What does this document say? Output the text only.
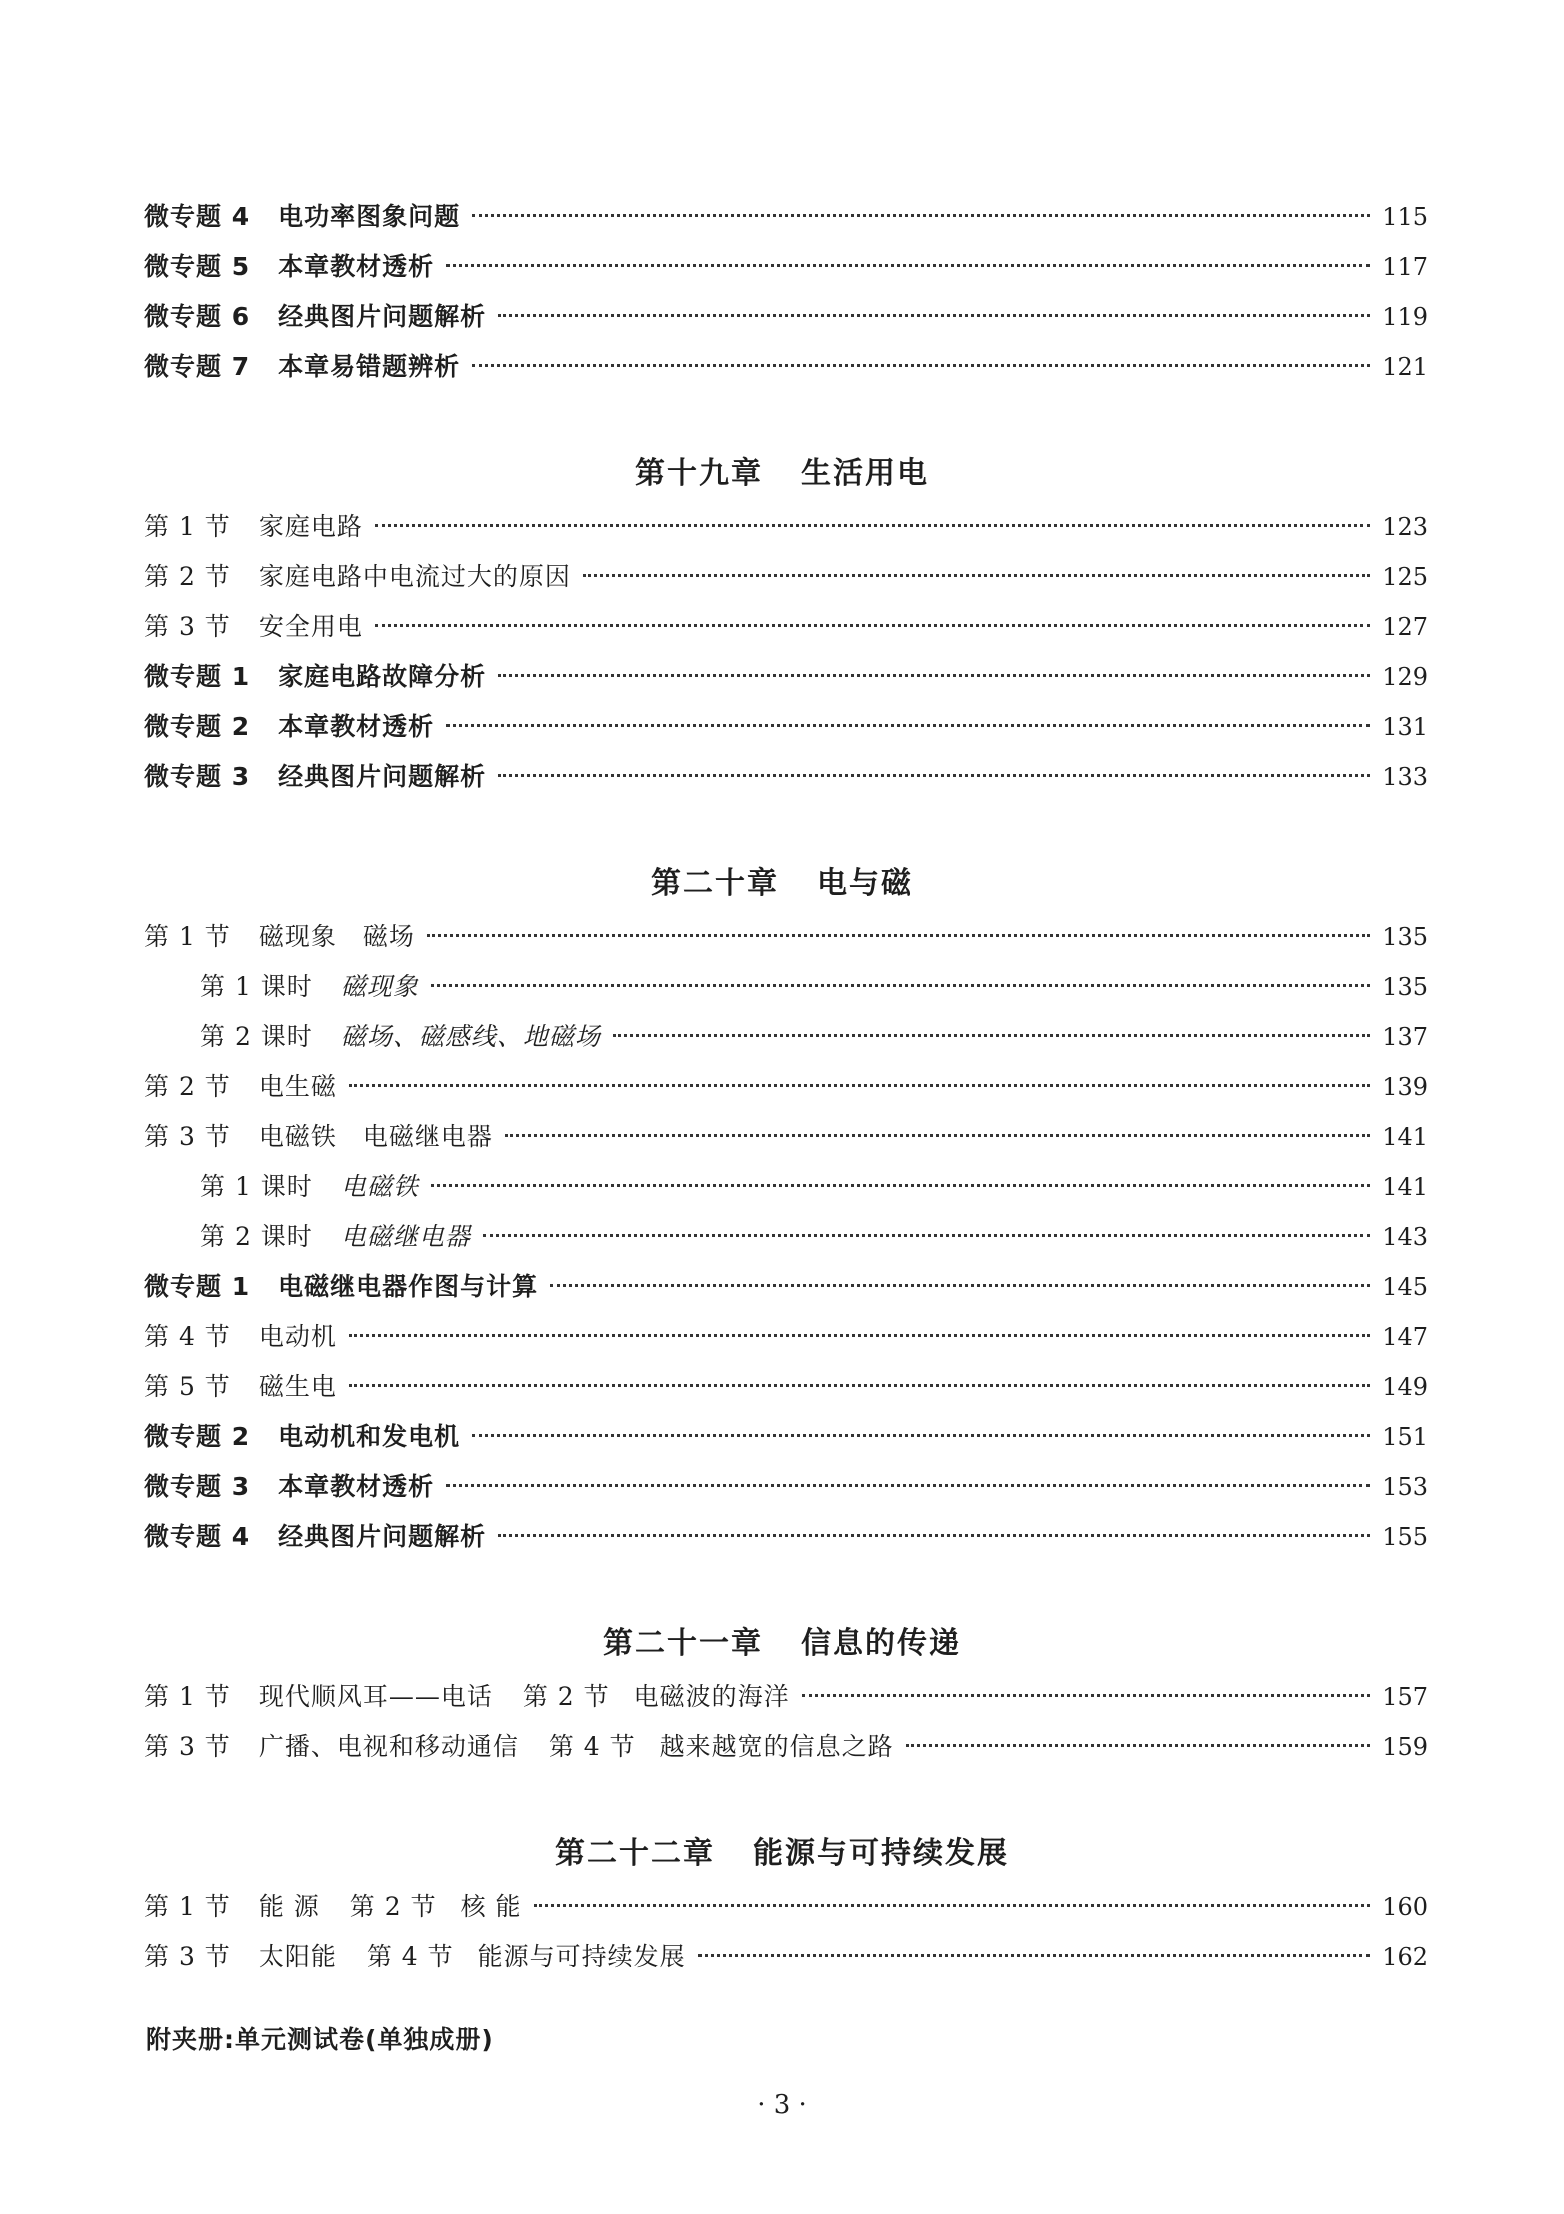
微专题 4 电功率图象问题	115
微专题 5 本章教材透析	117
微专题 6 经典图片问题解析	119
微专题 7 本章易错题辨析	121
第十九章 生活用电
第 1 节 家庭电路	123
第 2 节 家庭电路中电流过大的原因	125
第 3 节 安全用电	127
微专题 1 家庭电路故障分析	129
微专题 2 本章教材透析	131
微专题 3 经典图片问题解析	133
第二十章 电与磁
第 1 节 磁现象　磁场	135
第 1 课时 磁现象	135
第 2 课时 磁场、磁感线、地磁场	137
第 2 节 电生磁	139
第 3 节 电磁铁　电磁继电器	141
第 1 课时 电磁铁	141
第 2 课时 电磁继电器	143
微专题 1 电磁继电器作图与计算	145
第 4 节 电动机	147
第 5 节 磁生电	149
微专题 2 电动机和发电机	151
微专题 3 本章教材透析	153
微专题 4 经典图片问题解析	155
第二十一章 信息的传递
第 1 节 现代顺风耳——电话 第 2 节 电磁波的海洋	157
第 3 节 广播、电视和移动通信 第 4 节 越来越宽的信息之路	159
第二十二章 能源与可持续发展
第 1 节 能 源 第 2 节 核 能	160
第 3 节 太阳能 第 4 节 能源与可持续发展	162
附夹册:单元测试卷(单独成册)
· 3 ·
